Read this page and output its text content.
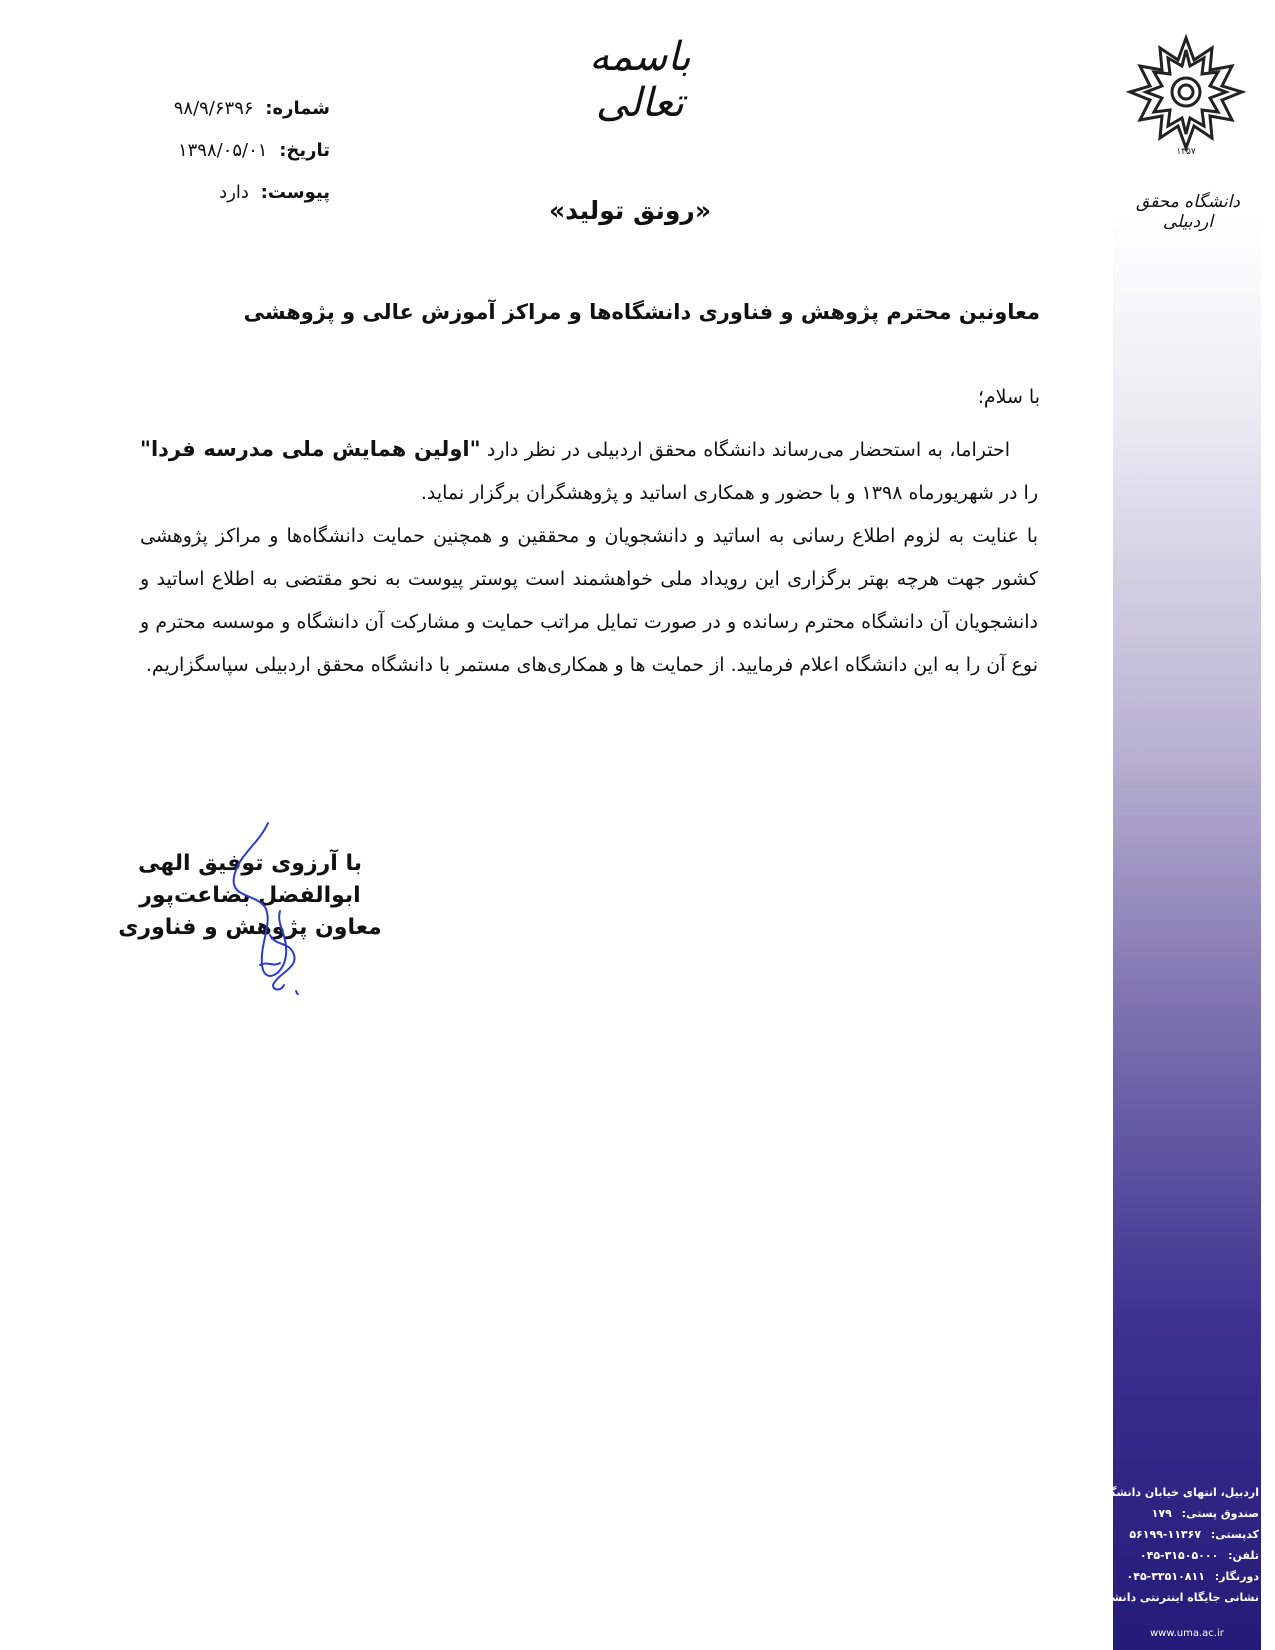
۱۳۵۷
دانشگاه محقق اردبیلی
اردبیل، انتهای خیابان دانشگاه
صندوق پستی: ۱۷۹
کدپستی: ۵۶۱۹۹-۱۱۳۶۷
تلفن: ۰۴۵-۳۱۵۰۵۰۰۰
دورنگار: ۰۴۵-۳۳۵۱۰۸۱۱
نشانی جایگاه اینترنتی دانشگاه
www.uma.ac.ir
باسمه تعالی
شماره: ۹۸/۹/۶۳۹۶
تاریخ: ۱۳۹۸/۰۵/۰۱
پیوست: دارد
«رونق تولید»
معاونین محترم پژوهش و فناوری دانشگاه‌ها و مراکز آموزش عالی و پژوهشی
با سلام؛

احتراما، به استحضار می‌رساند دانشگاه محقق اردبیلی در نظر دارد "اولین همایش ملی مدرسه فردا" را در شهریورماه ۱۳۹۸ و با حضور و همکاری اساتید و پژوهشگران برگزار نماید.

با عنایت به لزوم اطلاع رسانی به اساتید و دانشجویان و محققین و همچنین حمایت دانشگاه‌ها و مراکز پژوهشی کشور جهت هرچه بهتر برگزاری این رویداد ملی خواهشمند است پوستر پیوست به نحو مقتضی به اطلاع اساتید و دانشجویان آن دانشگاه محترم رسانده و در صورت تمایل مراتب حمایت و مشارکت آن دانشگاه و موسسه محترم و نوع آن را به این دانشگاه اعلام فرمایید. از حمایت ها و همکاری‌های مستمر با دانشگاه محقق اردبیلی سپاسگزاریم.

با آرزوی توفیق الهی
ابوالفضل بضاعت‌پور
معاون پژوهش و فناوری
